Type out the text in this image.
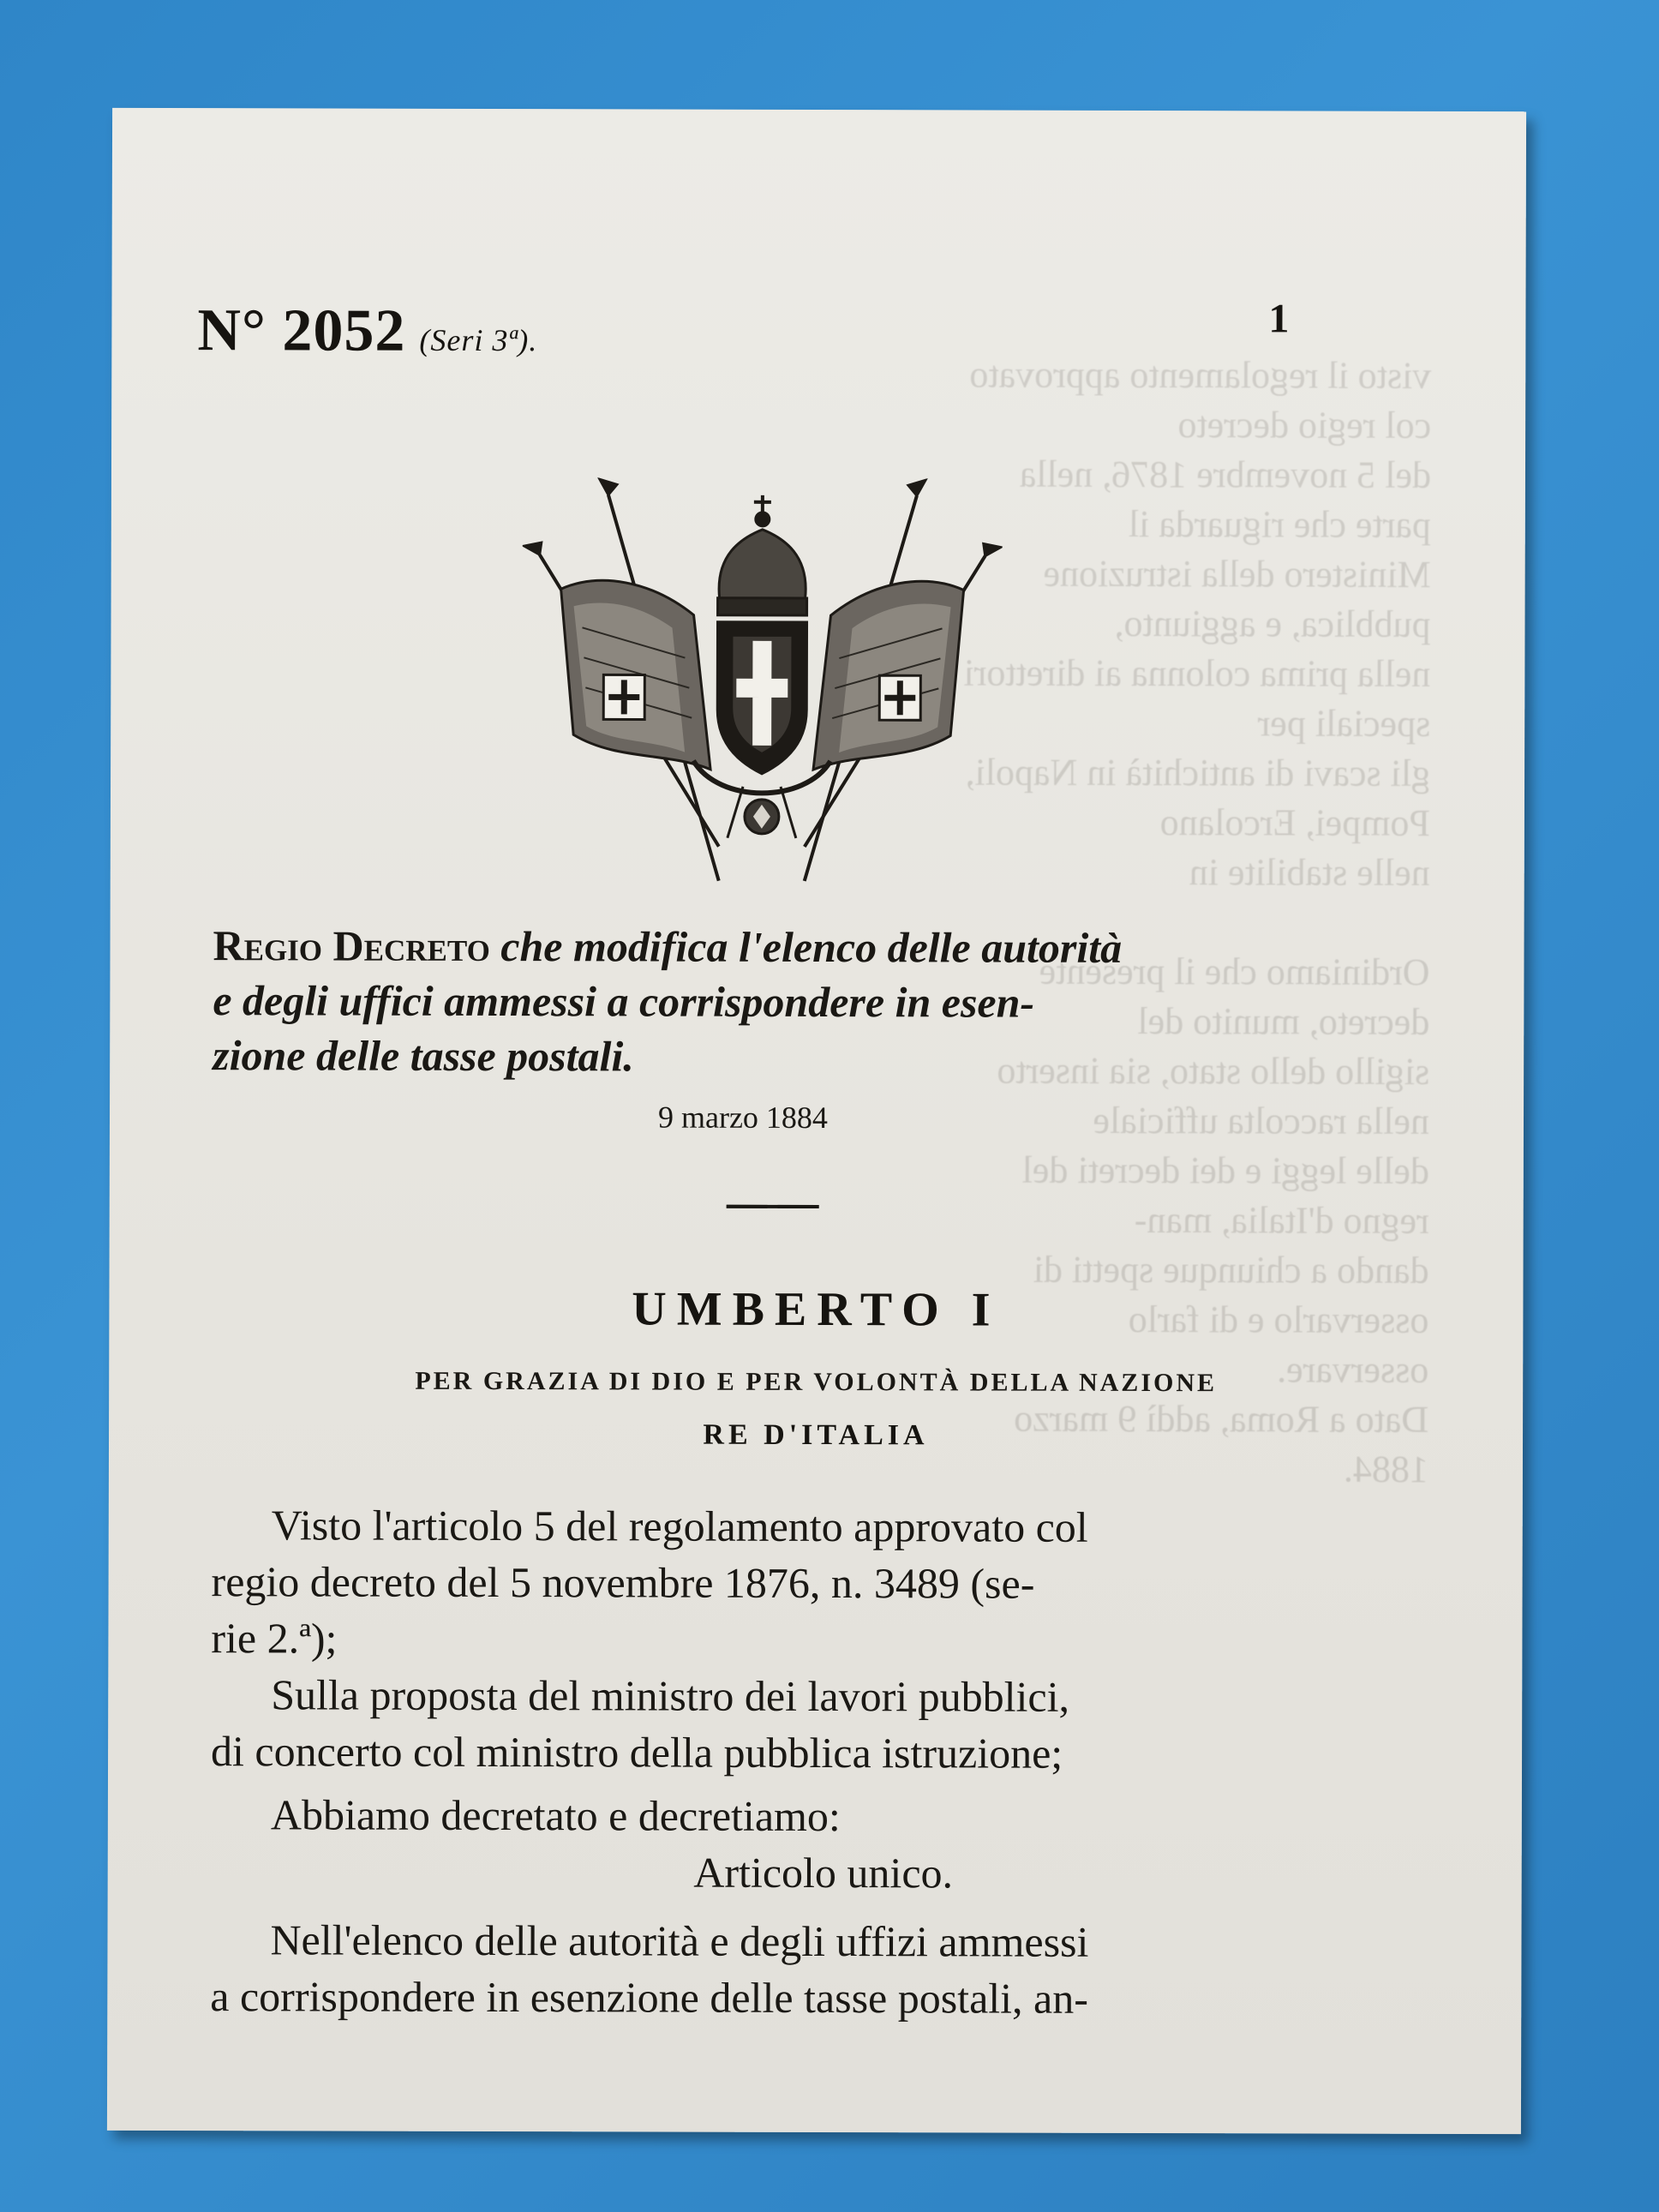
visto il regolamento approvato col regio decreto
del 5 novembre 1876, nella parte che riguarda il
Ministero della istruzione pubblica, e aggiunto,
nella prima colonna ai direttori speciali per
gli scavi di antichità in Napoli, Pompei, Ercolano
nelle stabilite in

Ordiniamo che il presente decreto, munito del
sigillo dello stato, sia inserto nella raccolta ufficiale
delle leggi e dei decreti del regno d'Italia, man-
dando a chiunque spetti di osservarlo e di farlo
osservare.
Dato a Roma, addì 9 marzo 1884.
N° 2052 (Seri 3ª).	1
Regio Decreto che modifica l'elenco delle autorità
e degli uffici ammessi a corrispondere in esen-
zione delle tasse postali.
9 marzo 1884
UMBERTO I
PER GRAZIA DI DIO E PER VOLONTÀ DELLA NAZIONE
RE D'ITALIA
Visto l'articolo 5 del regolamento approvato col
regio decreto del 5 novembre 1876, n. 3489 (se-
rie 2.ª);
Sulla proposta del ministro dei lavori pubblici,
di concerto col ministro della pubblica istruzione;
Abbiamo decretato e decretiamo:
Articolo unico.
Nell'elenco delle autorità e degli uffizi ammessi
a corrispondere in esenzione delle tasse postali, an-
